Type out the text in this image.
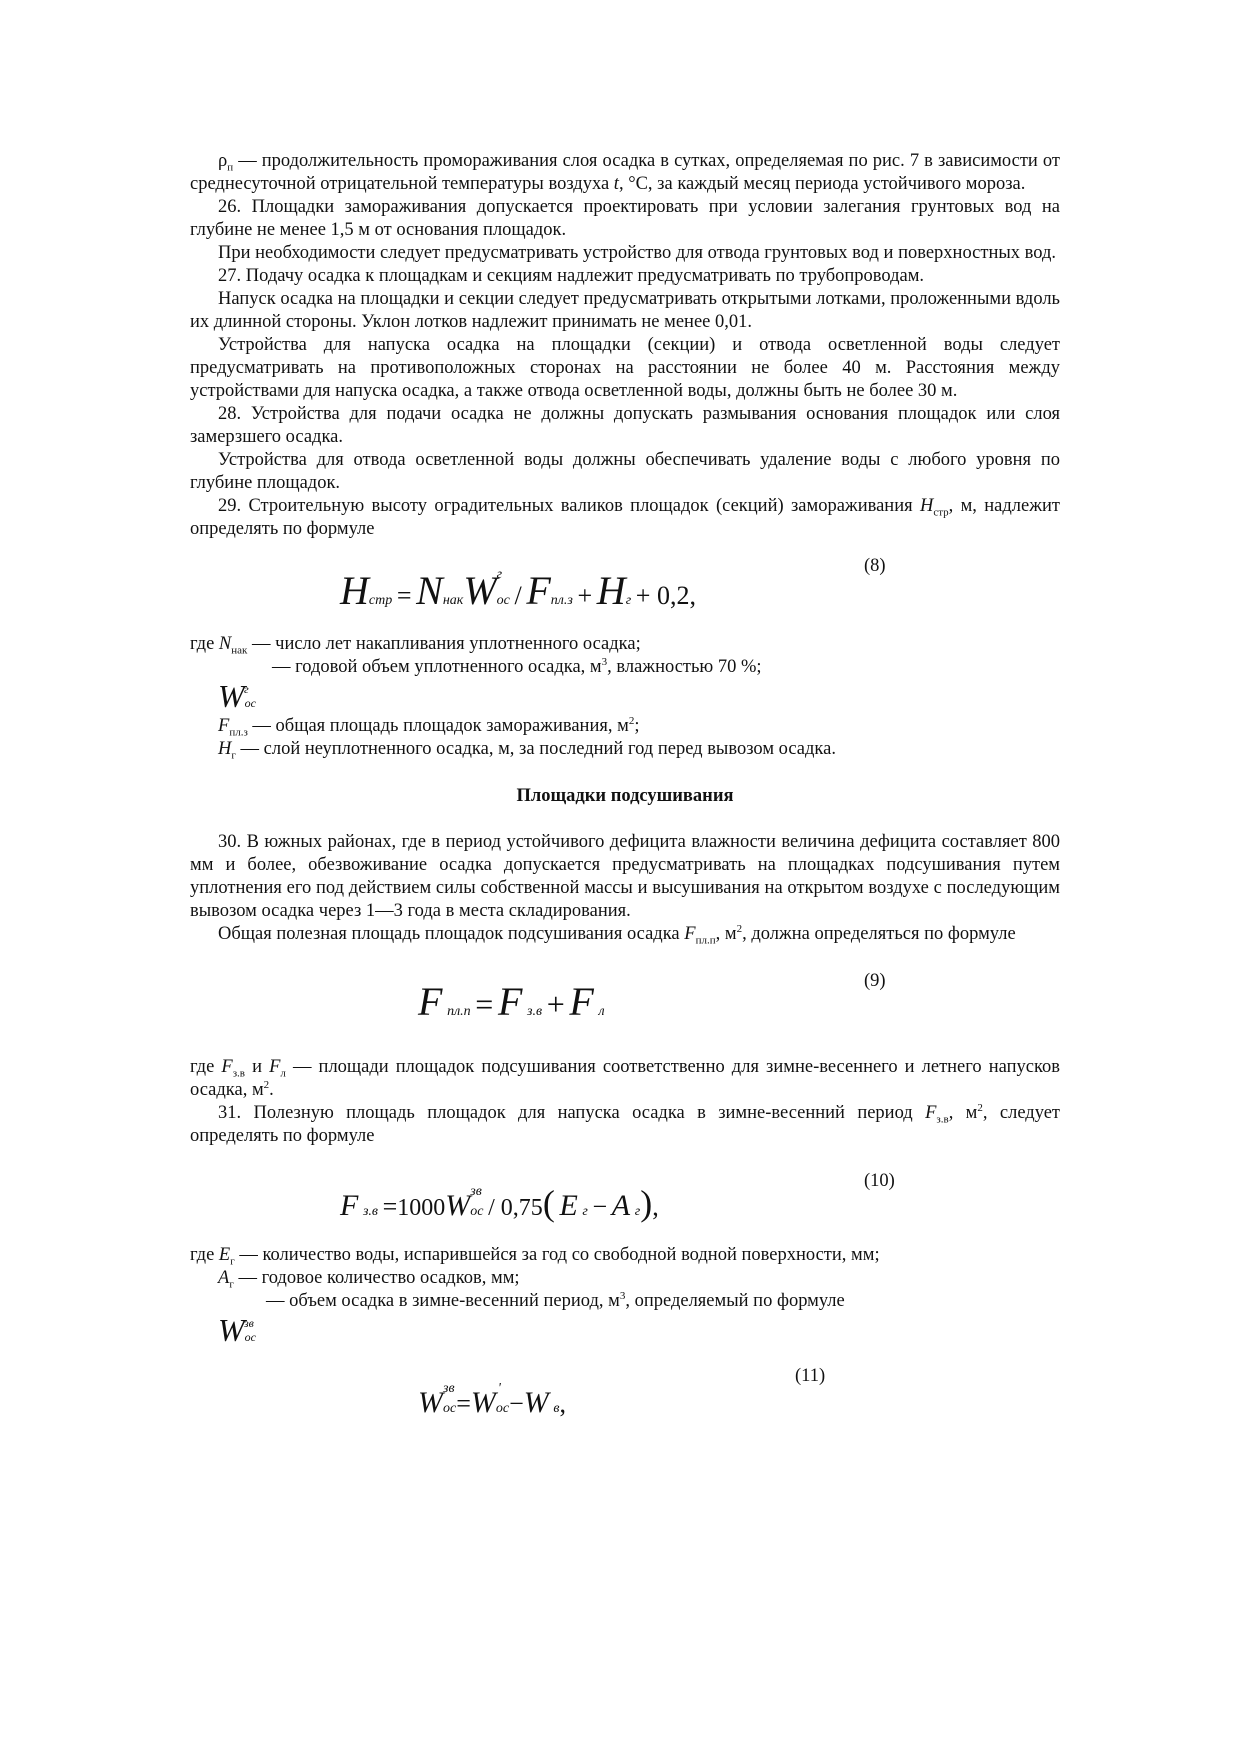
$\rho_п$ — продолжительность промораживания слоя осадка в сутках, определяемая по рис. 7 в зависимости от среднесуточной отрицательной температуры воздуха t, °С, за каждый месяц периода устойчивого мороза.

26. Площадки замораживания допускается проектировать при условии залегания грунтовых вод на глубине не менее 1,5 м от основания площадок.

При необходимости следует предусматривать устройство для отвода грунтовых вод и поверхностных вод.

27. Подачу осадка к площадкам и секциям надлежит предусматривать по трубопроводам.

Напуск осадка на площадки и секции следует предусматривать открытыми лотками, проложенными вдоль их длинной стороны. Уклон лотков надлежит принимать не менее 0,01.

Устройства для напуска осадка на площадки (секции) и отвода осветленной воды следует предусматривать на противоположных сторонах на расстоянии не более 40 м. Расстояния между устройствами для напуска осадка, а также отвода осветленной воды, должны быть не более 30 м.

28. Устройства для подачи осадка не должны допускать размывания основания площадок или слоя замерзшего осадка.

Устройства для отвода осветленной воды должны обеспечивать удаление воды с любого уровня по глубине площадок.

29. Строительную высоту оградительных валиков площадок (секций) замораживания $H_{стр}$, м, надлежит определять по формуле

(8)
Hстр = NнакW г
ос / Fпл.з + Hг + 0,2,

где $N_{нак}$ — число лет накапливания уплотненного осадка;

— годовой объем уплотненного осадка, $м^3$, влажностью 70 %;

W г
ос

$F_{пл.з}$ — общая площадь площадок замораживания, $м^2$;

$H_г$ — слой неуплотненного осадка, м, за последний год перед вывозом осадка.

Площадки подсушивания

30. В южных районах, где в период устойчивого дефицита влажности величина дефицита составляет 800 мм и более, обезвоживание осадка допускается предусматривать на площадках подсушивания путем уплотнения его под действием силы собственной массы и высушивания на открытом воздухе с последующим вывозом осадка через 1—3 года в места складирования.

Общая полезная площадь площадок подсушивания осадка $F_{пл.п}$, $м^2$, должна определяться по формуле

(9)
F пл.п = F з.в + F л

где $F_{з.в}$ и $F_л$ — площади площадок подсушивания соответственно для зимне-весеннего и летнего напусков осадка, $м^2$.

31. Полезную площадь площадок для напуска осадка в зимне-весенний период $F_{з.в}$, $м^2$, следует определять по формуле

(10)
F з.в =1000W зв
ос / 0,75( E г − A г),

где $E_г$ — количество воды, испарившейся за год со свободной водной поверхности, мм;

$A_г$ — годовое количество осадков, мм;

— объем осадка в зимне-весенний период, $м^3$, определяемый по формуле

W зв
ос
(11)
W зв
ос=W '
ос−W в,
